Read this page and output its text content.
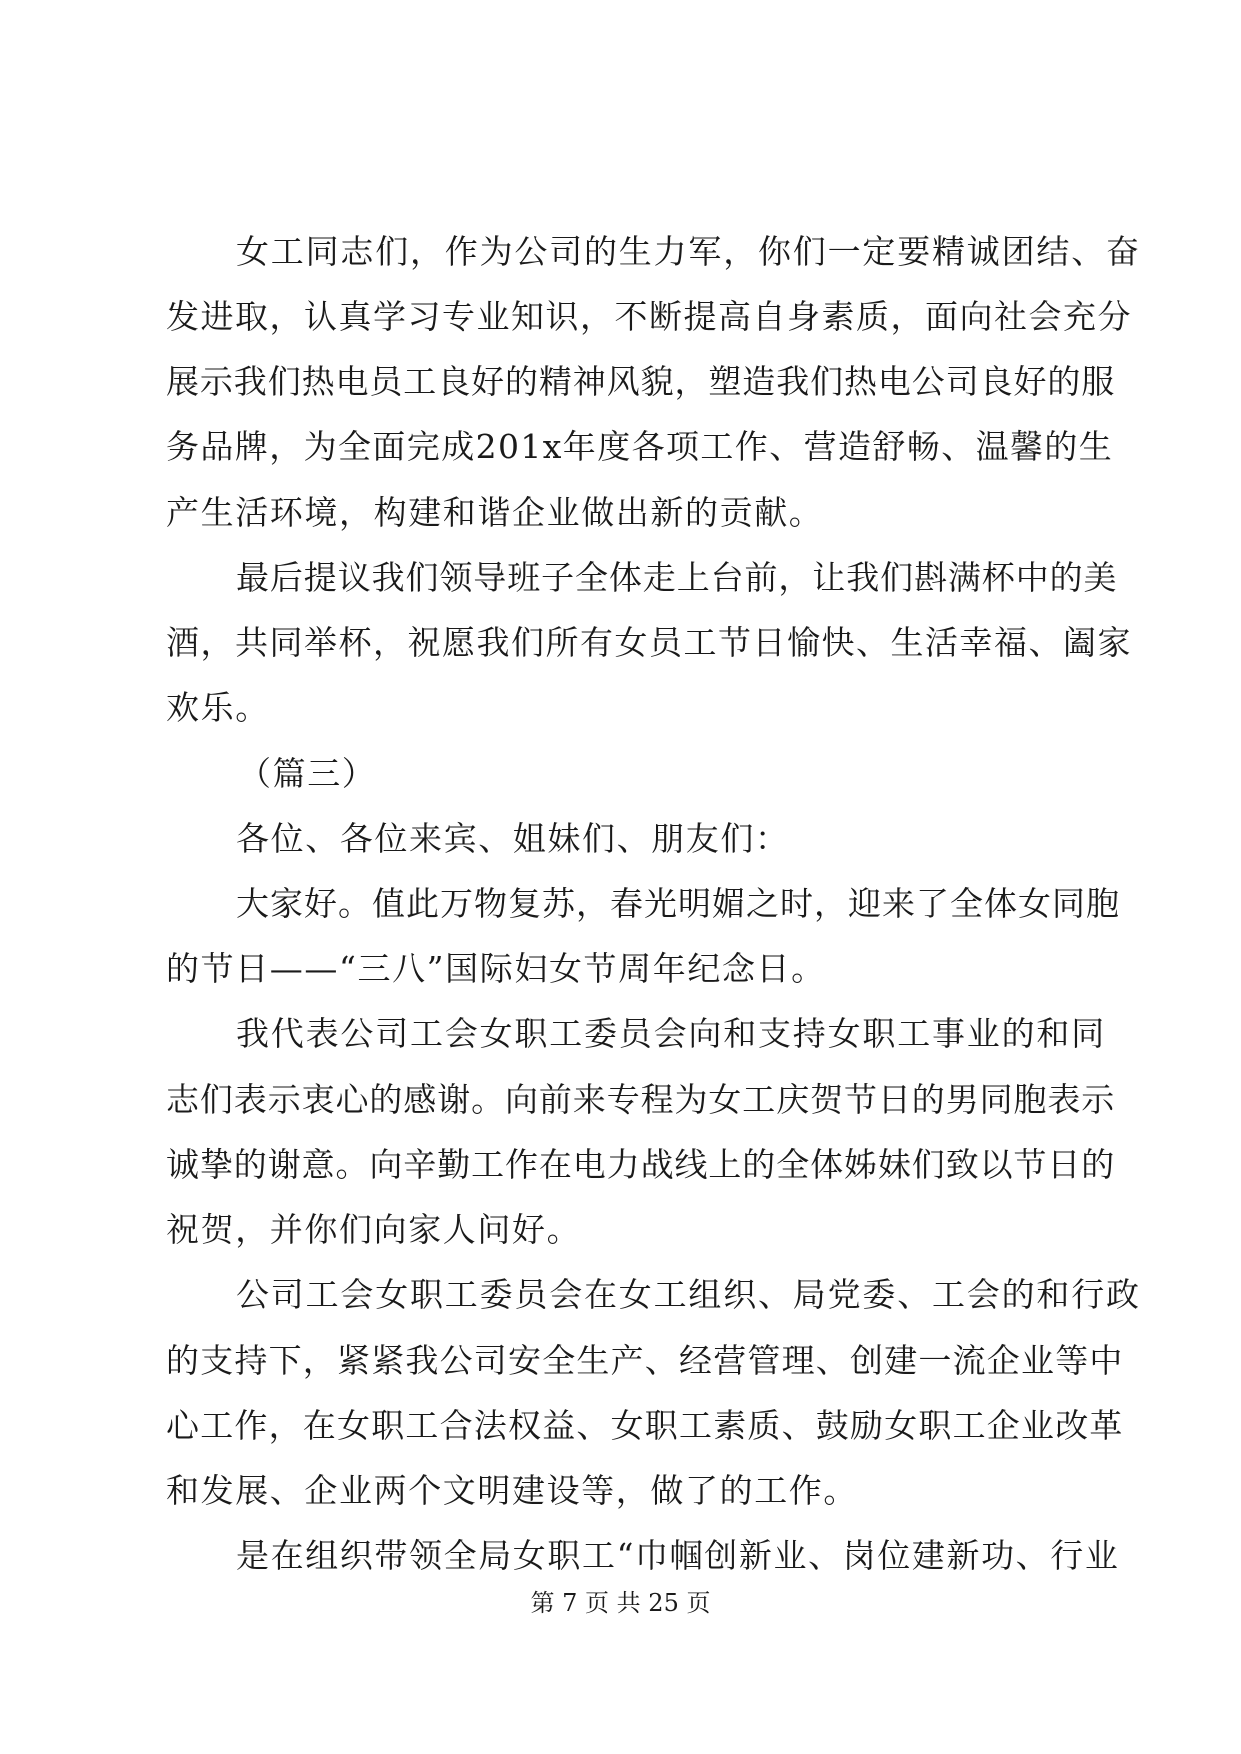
女工同志们，作为公司的生力军，你们一定要精诚团结、奋
发进取，认真学习专业知识，不断提高自身素质，面向社会充分
展示我们热电员工良好的精神风貌，塑造我们热电公司良好的服
务品牌，为全面完成201x年度各项工作、营造舒畅、温馨的生
产生活环境，构建和谐企业做出新的贡献。
最后提议我们领导班子全体走上台前，让我们斟满杯中的美
酒，共同举杯，祝愿我们所有女员工节日愉快、生活幸福、阖家
欢乐。
（篇三）
各位、各位来宾、姐妹们、朋友们：
大家好。值此万物复苏，春光明媚之时，迎来了全体女同胞
的节日——“三八”国际妇女节周年纪念日。
我代表公司工会女职工委员会向和支持女职工事业的和同
志们表示衷心的感谢。向前来专程为女工庆贺节日的男同胞表示
诚挚的谢意。向辛勤工作在电力战线上的全体姊妹们致以节日的
祝贺，并你们向家人问好。
公司工会女职工委员会在女工组织、局党委、工会的和行政
的支持下，紧紧我公司安全生产、经营管理、创建一流企业等中
心工作，在女职工合法权益、女职工素质、鼓励女职工企业改革
和发展、企业两个文明建设等，做了的工作。
是在组织带领全局女职工“巾帼创新业、岗位建新功、行业
第 7 页 共 25 页
